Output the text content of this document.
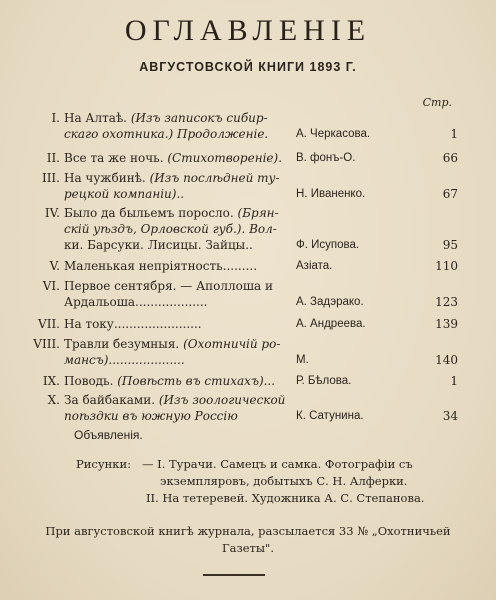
ОГЛАВЛЕНІЕ
АВГУСТОВСКОЙ КНИГИ 1893 Г.
Стр.
I. На Алтаѣ. (Изъ записокъ сибир-
скаго охотника.) Продолженіе.	А. Черкасова.	1
II. Все та же ночь. (Стихотвореніе).	В. фонъ-О.	66
III. На чужбинѣ. (Изъ послѣдней ту-
рецкой компаніи)..	Н. Иваненко.	67
IV. Было да быльемъ поросло. (Брян-
скій уѣздъ, Орловской губ.). Вол-
ки. Барсуки. Лисицы. Зайцы..	Ф. Исупова.	95
V. Маленькая непріятность.........	Азіата.	110
VI. Первое сентября. — Аполлоша и
Ардальоша...................	А. Задэрако.	123
VII. На току.......................	А. Андреева.	139
VIII. Травли безумныя. (Охотничій ро-
мансъ)....................	М.	140
IX. Поводь. (Повѣсть въ стихахъ)...	Р. Бѣлова.	1
X. За байбаками. (Изъ зоологической
поѣздки въ южную Россію	К. Сатунина.	34
Объявленія.
Рисунки: — I. Турачи. Самецъ и самка. Фотографіи съ
экземпляровъ, добытыхъ С. Н. Алферки.
II. На тетеревей. Художника А. С. Степанова.
При августовской книгѣ журнала, разсылается 33 № „Охотничьей
Газеты".
